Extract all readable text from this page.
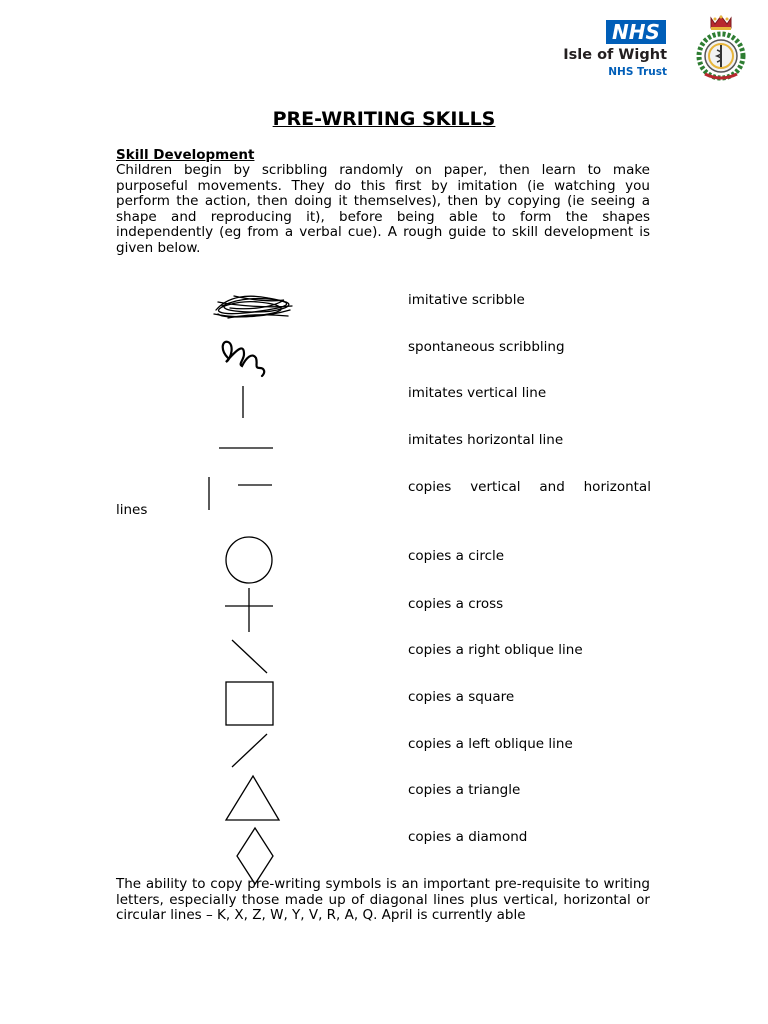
NHS
Isle of Wight
NHS Trust
PRE-WRITING SKILLS
Skill Development
Children begin by scribbling randomly on paper, then learn to make purposeful movements. They do this first by imitation (ie watching you perform the action, then doing it themselves), then by copying (ie seeing a shape and reproducing it), before being able to form the shapes independently (eg from a verbal cue). A rough guide to skill development is given below.
imitative scribble
spontaneous scribbling
imitates vertical line
imitates horizontal line
copies vertical and horizontal
lines
copies a circle
copies a cross
copies a right oblique line
copies a square
copies a left oblique line
copies a triangle
copies a diamond
The ability to copy pre-writing symbols is an important pre-requisite to writing letters, especially those made up of diagonal lines plus vertical, horizontal or circular lines – K, X, Z, W, Y, V, R, A, Q. April is currently able
